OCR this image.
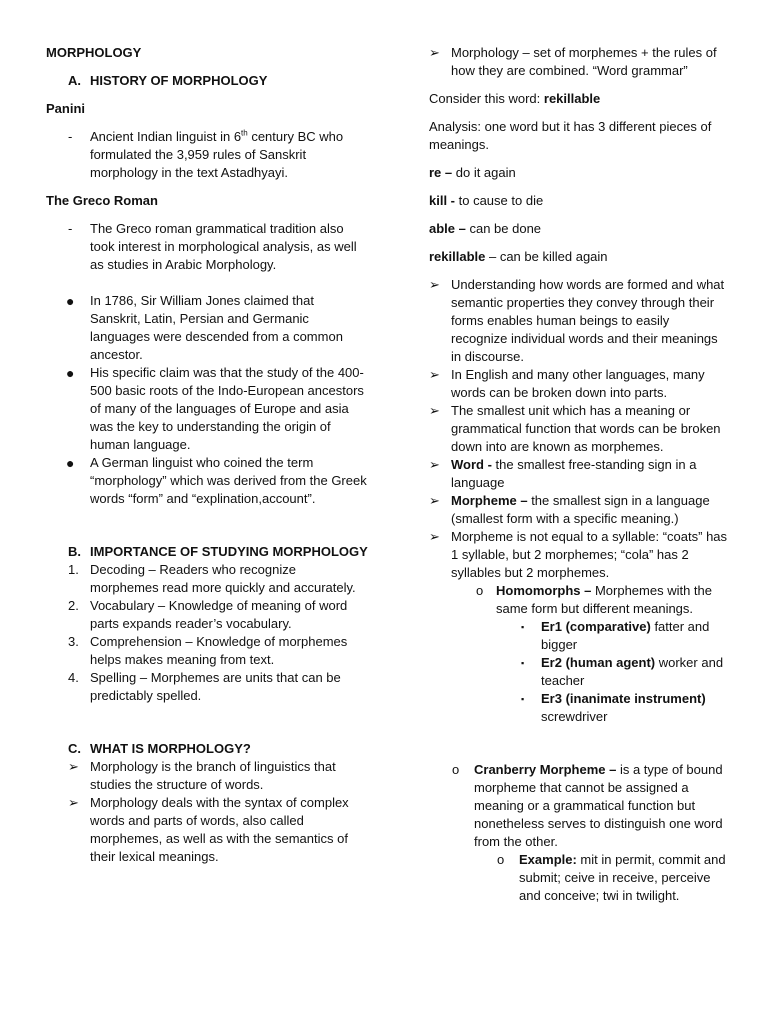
MORPHOLOGY

A. HISTORY OF MORPHOLOGY

Panini

-	Ancient Indian linguist in 6th century BC who formulated the 3,959 rules of Sanskrit morphology in the text Astadhyayi.

The Greco Roman

-	The Greco roman grammatical tradition also took interest in morphological analysis, as well as studies in Arabic Morphology.
●	In 1786, Sir William Jones claimed that Sanskrit, Latin, Persian and Germanic languages were descended from a common ancestor.
●	His specific claim was that the study of the 400-500 basic roots of the Indo-European ancestors of many of the languages of Europe and asia was the key to understanding the origin of human language.
●	A German linguist who coined the term “morphology” which was derived from the Greek words “form” and “explination,account”.
B. IMPORTANCE OF STUDYING MORPHOLOGY
1. Decoding – Readers who recognize morphemes read more quickly and accurately.
2. Vocabulary – Knowledge of meaning of word parts expands reader’s vocabulary.
3. Comprehension – Knowledge of morphemes helps makes meaning from text.
4. Spelling – Morphemes are units that can be predictably spelled.
C. WHAT IS MORPHOLOGY?
➢ Morphology is the branch of linguistics that studies the structure of words.
➢ Morphology deals with the syntax of complex words and parts of words, also called morphemes, as well as with the semantics of their lexical meanings.
➢ Morphology – set of morphemes + the rules of how they are combined. “Word grammar”

Consider this word: rekillable

Analysis: one word but it has 3 different pieces of meanings.

re – do it again

kill - to cause to die

able – can be done

rekillable – can be killed again

➢ Understanding how words are formed and what semantic properties they convey through their forms enables human beings to easily recognize individual words and their meanings in discourse.
➢ In English and many other languages, many words can be broken down into parts.
➢ The smallest unit which has a meaning or grammatical function that words can be broken down into are known as morphemes.
➢ Word - the smallest free-standing sign in a language
➢ Morpheme – the smallest sign in a language (smallest form with a specific meaning.)
➢ Morpheme is not equal to a syllable: “coats” has 1 syllable, but 2 morphemes; “cola” has 2 syllables but 2 morphemes.
o Homomorphs – Morphemes with the same form but different meanings.
▪ Er1 (comparative) fatter and bigger
▪ Er2 (human agent) worker and teacher
▪ Er3 (inanimate instrument) screwdriver
o Cranberry Morpheme – is a type of bound morpheme that cannot be assigned a meaning or a grammatical function but nonetheless serves to distinguish one word from the other.
o Example: mit in permit, commit and submit; ceive in receive, perceive and conceive; twi in twilight.
